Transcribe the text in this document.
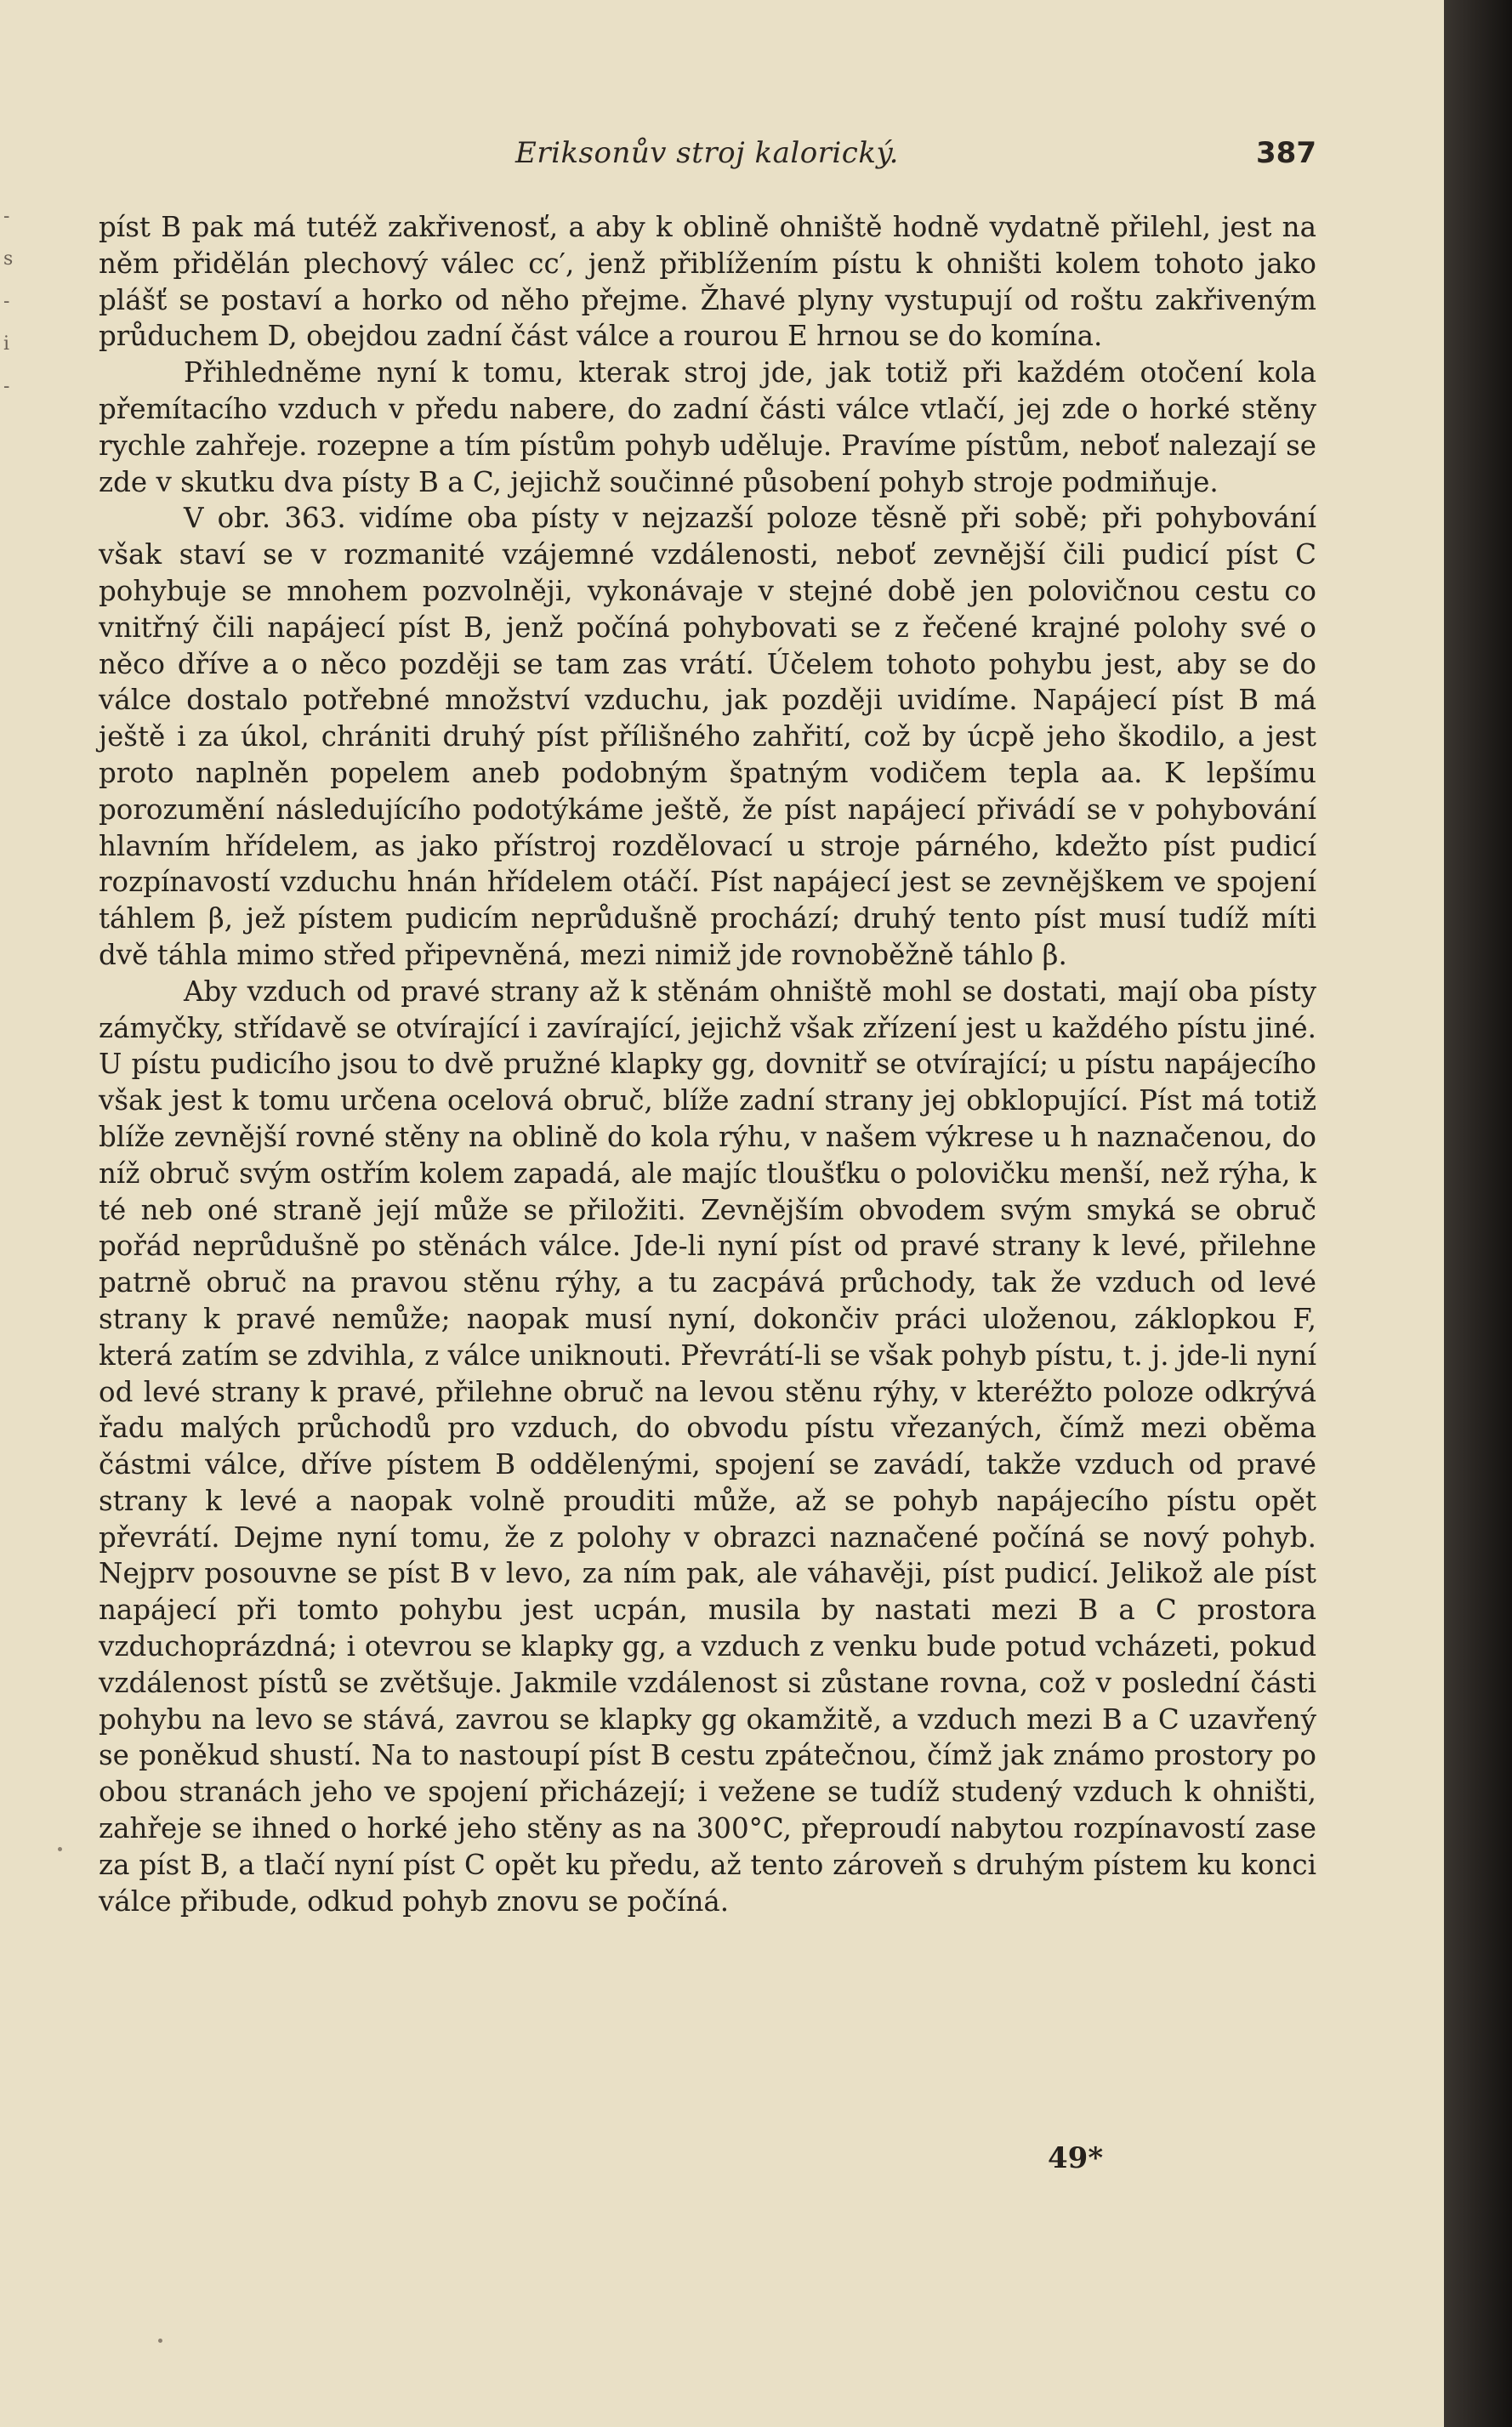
-
s
-
i
-
Eriksonův stroj kalorický.	387

píst B pak má tutéž zakřivenosť, a aby k oblině ohniště hodně vydatně přilehl, jest na něm přidělán plechový válec cc′, jenž přiblížením pístu k ohništi kolem tohoto jako plášť se postaví a horko od něho přejme. Žhavé plyny vystupují od roštu zakřiveným průduchem D, obejdou zadní část válce a rourou E hrnou se do komína.

Přihledněme nyní k tomu, kterak stroj jde, jak totiž při každém otočení kola přemítacího vzduch v předu nabere, do zadní části válce vtlačí, jej zde o horké stěny rychle zahřeje. rozepne a tím pístům pohyb uděluje. Pravíme pístům, neboť nalezají se zde v skutku dva písty B a C, jejichž součinné působení pohyb stroje podmiňuje.

V obr. 363. vidíme oba písty v nejzazší poloze těsně při sobě; při pohybování však staví se v rozmanité vzájemné vzdálenosti, neboť zevnější čili pudicí píst C pohybuje se mnohem pozvolněji, vykonávaje v stejné době jen polovičnou cestu co vnitřný čili napájecí píst B, jenž počíná pohybovati se z řečené krajné polohy své o něco dříve a o něco později se tam zas vrátí. Účelem tohoto pohybu jest, aby se do válce dostalo potřebné množství vzduchu, jak později uvidíme. Napájecí píst B má ještě i za úkol, chrániti druhý píst přílišného zahřití, což by úcpě jeho škodilo, a jest proto naplněn popelem aneb podobným špatným vodičem tepla aa. K lepšímu porozumění následujícího podotýkáme ještě, že píst napájecí přivádí se v pohybování hlavním hřídelem, as jako přístroj rozdělovací u stroje párného, kdežto píst pudicí rozpínavostí vzduchu hnán hřídelem otáčí. Píst napájecí jest se zevnějškem ve spojení táhlem β, jež pístem pudicím neprůdušně prochází; druhý tento píst musí tudíž míti dvě táhla mimo střed připevněná, mezi nimiž jde rovnoběžně táhlo β.

Aby vzduch od pravé strany až k stěnám ohniště mohl se dostati, mají oba písty zámyčky, střídavě se otvírající i zavírající, jejichž však zřízení jest u každého pístu jiné. U pístu pudicího jsou to dvě pružné klapky gg, dovnitř se otvírající; u pístu napájecího však jest k tomu určena ocelová obruč, blíže zadní strany jej obklopující. Píst má totiž blíže zevnější rovné stěny na oblině do kola rýhu, v našem výkrese u h naznačenou, do níž obruč svým ostřím kolem zapadá, ale majíc tloušťku o polovičku menší, než rýha, k té neb oné straně její může se přiložiti. Zevnějším obvodem svým smyká se obruč pořád neprůdušně po stěnách válce. Jde-li nyní píst od pravé strany k levé, přilehne patrně obruč na pravou stěnu rýhy, a tu zacpává průchody, tak že vzduch od levé strany k pravé nemůže; naopak musí nyní, dokončiv práci uloženou, záklopkou F, která zatím se zdvihla, z válce uniknouti. Převrátí-li se však pohyb pístu, t. j. jde-li nyní od levé strany k pravé, přilehne obruč na levou stěnu rýhy, v kteréžto poloze odkrývá řadu malých průchodů pro vzduch, do obvodu pístu vřezaných, čímž mezi oběma částmi válce, dříve pístem B oddělenými, spojení se zavádí, takže vzduch od pravé strany k levé a naopak volně prouditi může, až se pohyb napájecího pístu opět převrátí. Dejme nyní tomu, že z polohy v obrazci naznačené počíná se nový pohyb. Nejprv posouvne se píst B v levo, za ním pak, ale váhavěji, píst pudicí. Jelikož ale píst napájecí při tomto pohybu jest ucpán, musila by nastati mezi B a C prostora vzduchoprázdná; i otevrou se klapky gg, a vzduch z venku bude potud vcházeti, pokud vzdálenost pístů se zvětšuje. Jakmile vzdálenost si zůstane rovna, což v poslední části pohybu na levo se stává, zavrou se klapky gg okamžitě, a vzduch mezi B a C uzavřený se poněkud shustí. Na to nastoupí píst B cestu zpátečnou, čímž jak známo prostory po obou stranách jeho ve spojení přicházejí; i vežene se tudíž studený vzduch k ohništi, zahřeje se ihned o horké jeho stěny as na 300°C, přeproudí nabytou rozpínavostí zase za píst B, a tlačí nyní píst C opět ku předu, až tento zároveň s druhým pístem ku konci válce přibude, odkud pohyb znovu se počíná.

49*
